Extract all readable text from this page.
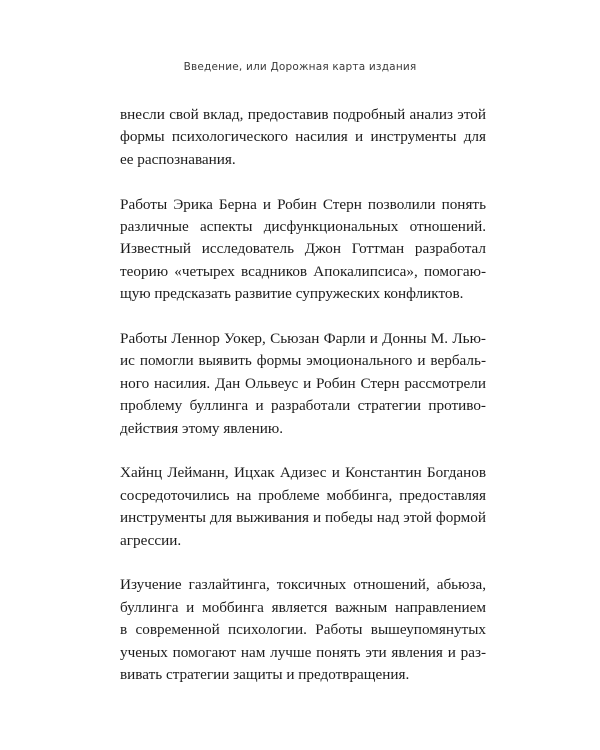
Введение, или Дорожная карта издания

внесли свой вклад, предоставив подробный анализ этой
формы психологического насилия и инструменты для
ее распознавания.

Работы Эрика Берна и Робин Стерн позволили понять
различные аспекты дисфункциональных отношений.
Известный исследователь Джон Готтман разработал
теорию «четырех всадников Апокалипсиса», помогаю-
щую предсказать развитие супружеских конфликтов.

Работы Леннор Уокер, Сьюзан Фарли и Донны М. Лью-
ис помогли выявить формы эмоционального и вербаль-
ного насилия. Дан Ольвеус и Робин Стерн рассмотрели
проблему буллинга и разработали стратегии противо-
действия этому явлению.

Хайнц Лейманн, Ицхак Адизес и Константин Богданов
сосредоточились на проблеме моббинга, предоставляя
инструменты для выживания и победы над этой формой
агрессии.

Изучение газлайтинга, токсичных отношений, абьюза,
буллинга и моббинга является важным направлением
в современной психологии. Работы вышеупомянутых
ученых помогают нам лучше понять эти явления и раз-
вивать стратегии защиты и предотвращения.
